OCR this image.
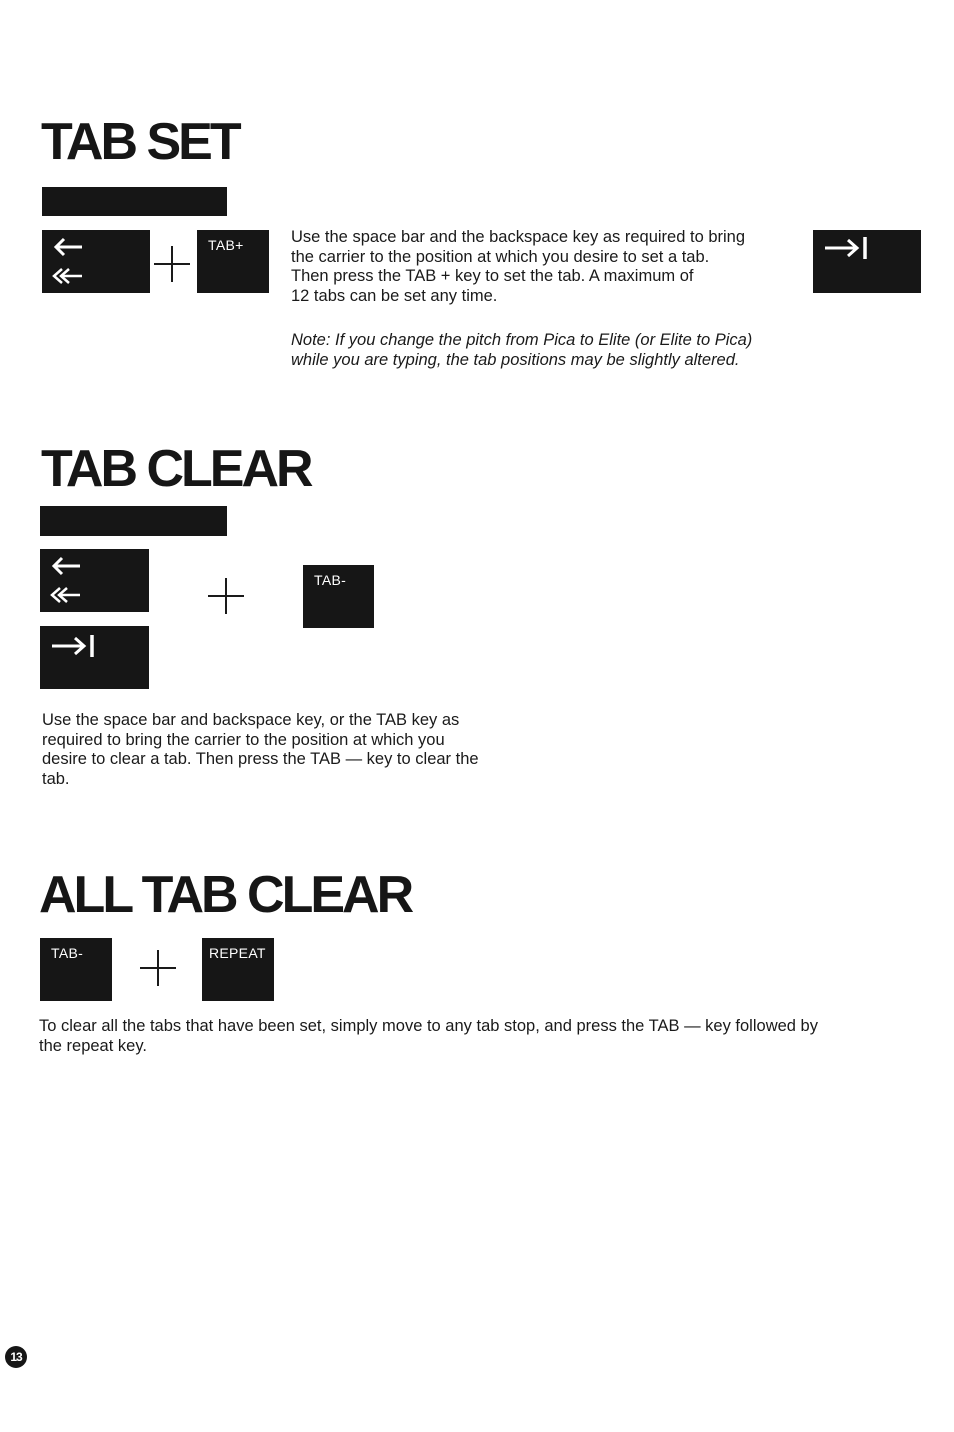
TAB SET
TAB+	Use the space bar and the backspace key as required to bring
the carrier to the position at which you desire to set a tab.
Then press the TAB + key to set the tab. A maximum of
12 tabs can be set any time.

Note: If you change the pitch from Pica to Elite (or Elite to Pica)
while you are typing, the tab positions may be slightly altered.

TAB CLEAR
TAB-

Use the space bar and backspace key, or the TAB key as
required to bring the carrier to the position at which you
desire to clear a tab. Then press the TAB — key to clear the
tab.

ALL TAB CLEAR
TAB-	REPEAT

To clear all the tabs that have been set, simply move to any tab stop, and press the TAB — key followed by
the repeat key.

13
